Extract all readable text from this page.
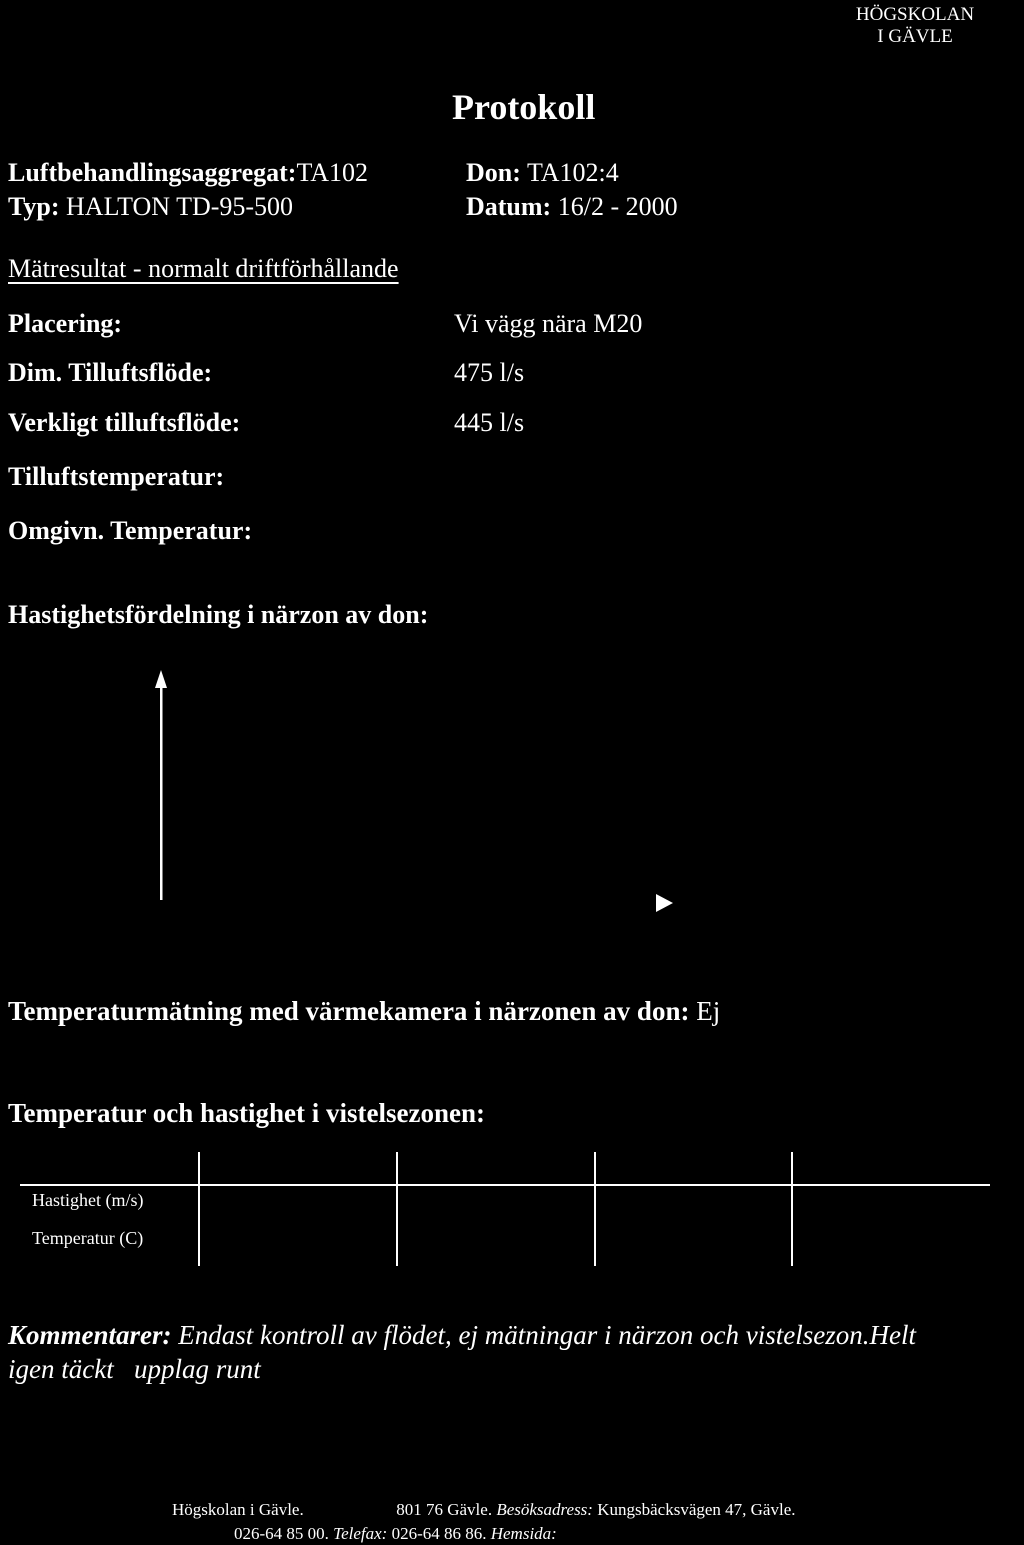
HÖGSKOLAN
I GÄVLE
Protokoll
Luftbehandlingsaggregat:TA102
Typ: HALTON TD-95-500
Don: TA102:4
Datum: 16/2 - 2000
Mätresultat - normalt driftförhållande
Placering:	Vi vägg nära M20
Dim. Tilluftsflöde:	475 l/s
Verkligt tilluftsflöde:	445 l/s
Tilluftstemperatur:
Omgivn. Temperatur:
Hastighetsfördelning i närzon av don:
Temperaturmätning med värmekamera i närzonen av don: Ej
Temperatur och hastighet i vistelsezonen:
Hastighet (m/s)
Temperatur (C)
Kommentarer: Endast kontroll av flödet, ej mätningar i närzon och vistelsezon.Helt
igen täckt   upplag runt
Högskolan i Gävle.	801 76 Gävle. Besöksadress: Kungsbäcksvägen 47, Gävle.
026-64 85 00. Telefax: 026-64 86 86. Hemsida:
